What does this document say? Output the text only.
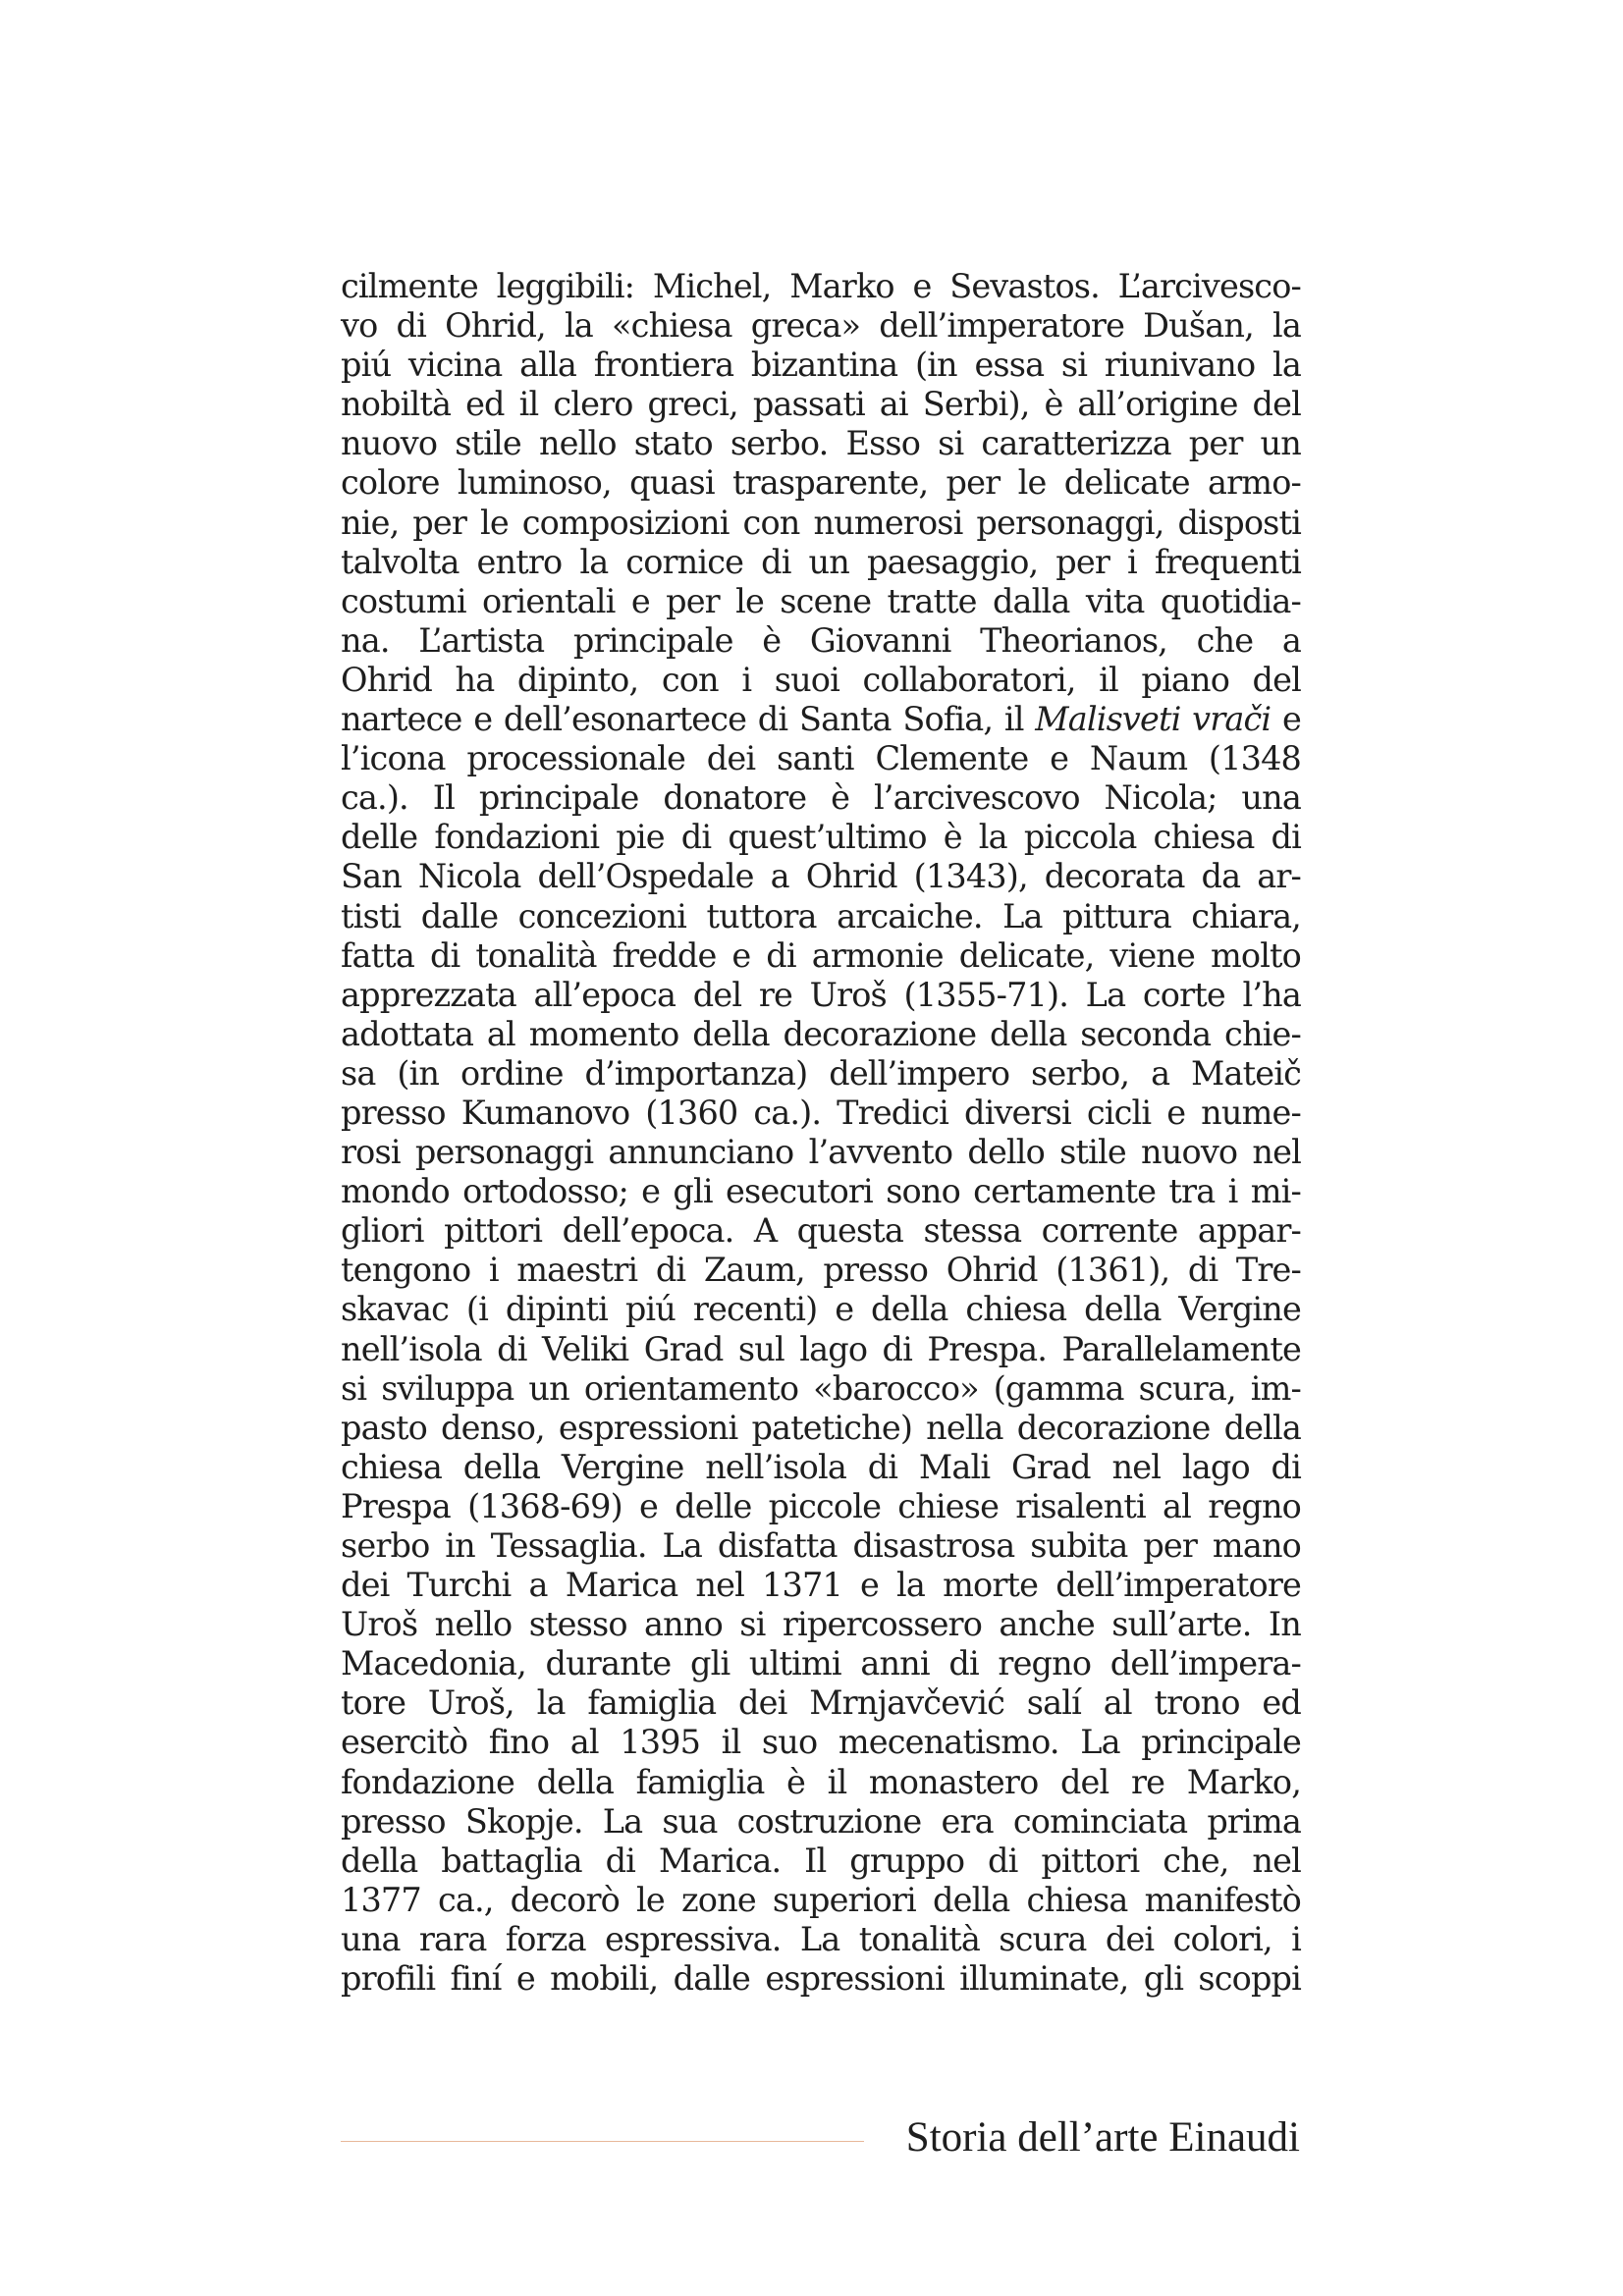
cilmente leggibili: Michel, Marko e Sevastos. L’arcivesco-
vo di Ohrid, la «chiesa greca» dell’imperatore Dušan, la
piú vicina alla frontiera bizantina (in essa si riunivano la
nobiltà ed il clero greci, passati ai Serbi), è all’origine del
nuovo stile nello stato serbo. Esso si caratterizza per un
colore luminoso, quasi trasparente, per le delicate armo-
nie, per le composizioni con numerosi personaggi, disposti
talvolta entro la cornice di un paesaggio, per i frequenti
costumi orientali e per le scene tratte dalla vita quotidia-
na. L’artista principale è Giovanni Theorianos, che a
Ohrid ha dipinto, con i suoi collaboratori, il piano del
nartece e dell’esonartece di Santa Sofia, il Malisveti vrači e
l’icona processionale dei santi Clemente e Naum (1348
ca.). Il principale donatore è l’arcivescovo Nicola; una
delle fondazioni pie di quest’ultimo è la piccola chiesa di
San Nicola dell’Ospedale a Ohrid (1343), decorata da ar-
tisti dalle concezioni tuttora arcaiche. La pittura chiara,
fatta di tonalità fredde e di armonie delicate, viene molto
apprezzata all’epoca del re Uroš (1355-71). La corte l’ha
adottata al momento della decorazione della seconda chie-
sa (in ordine d’importanza) dell’impero serbo, a Mateič
presso Kumanovo (1360 ca.). Tredici diversi cicli e nume-
rosi personaggi annunciano l’avvento dello stile nuovo nel
mondo ortodosso; e gli esecutori sono certamente tra i mi-
gliori pittori dell’epoca. A questa stessa corrente appar-
tengono i maestri di Zaum, presso Ohrid (1361), di Tre-
skavac (i dipinti piú recenti) e della chiesa della Vergine
nell’isola di Veliki Grad sul lago di Prespa. Parallelamente
si sviluppa un orientamento «barocco» (gamma scura, im-
pasto denso, espressioni patetiche) nella decorazione della
chiesa della Vergine nell’isola di Mali Grad nel lago di
Prespa (1368-69) e delle piccole chiese risalenti al regno
serbo in Tessaglia. La disfatta disastrosa subita per mano
dei Turchi a Marica nel 1371 e la morte dell’imperatore
Uroš nello stesso anno si ripercossero anche sull’arte. In
Macedonia, durante gli ultimi anni di regno dell’impera-
tore Uroš, la famiglia dei Mrnjavčević salí al trono ed
esercitò fino al 1395 il suo mecenatismo. La principale
fondazione della famiglia è il monastero del re Marko,
presso Skopje. La sua costruzione era cominciata prima
della battaglia di Marica. Il gruppo di pittori che, nel
1377 ca., decorò le zone superiori della chiesa manifestò
una rara forza espressiva. La tonalità scura dei colori, i
profili finí e mobili, dalle espressioni illuminate, gli scoppi

Storia dell’arte Einaudi
